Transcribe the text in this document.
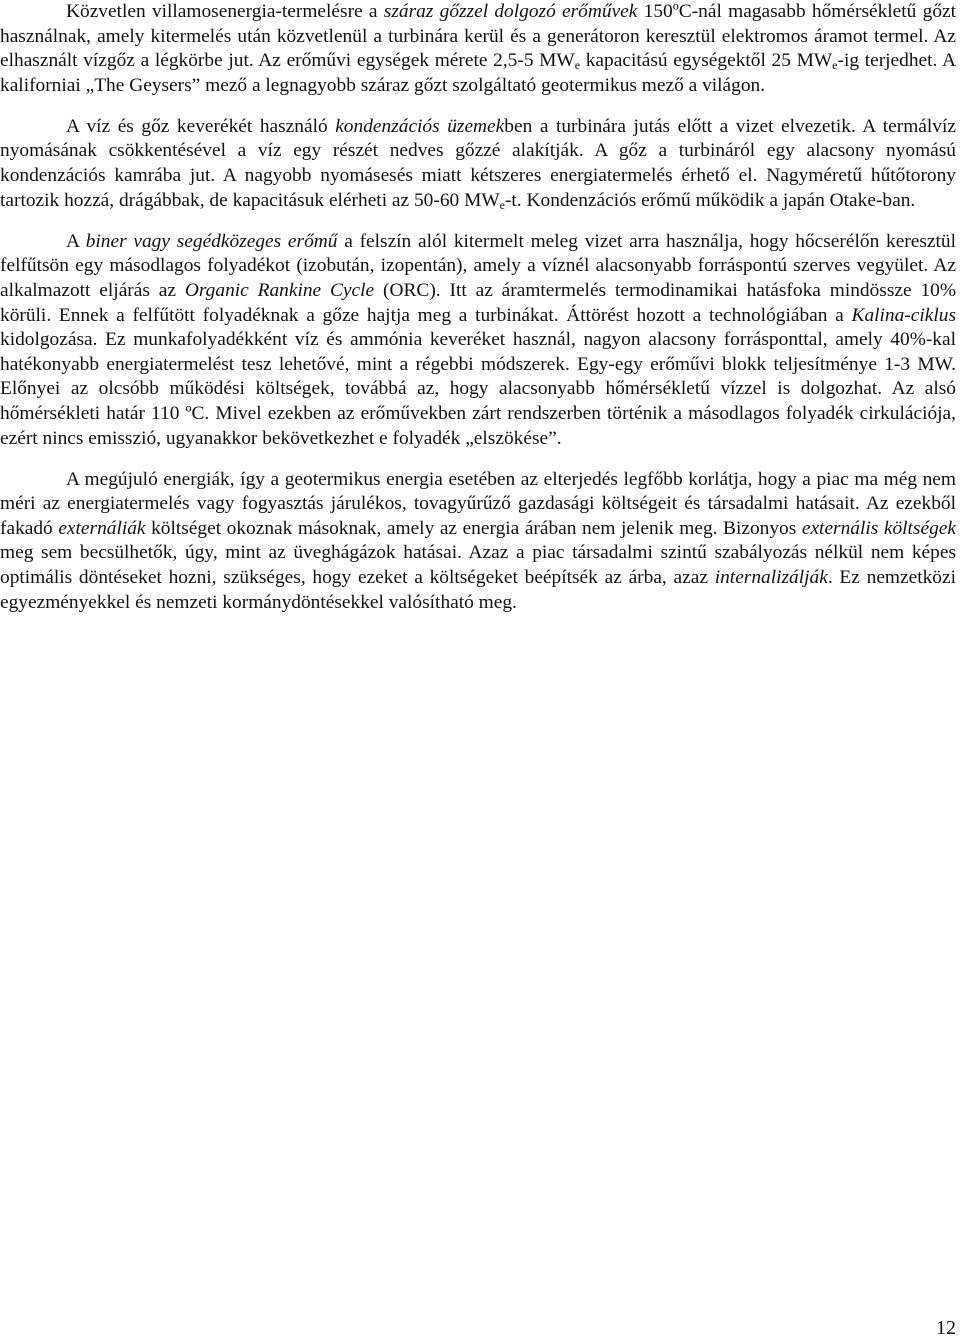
Közvetlen villamosenergia-termelésre a száraz gőzzel dolgozó erőművek 150ºC-nál magasabb hőmérsékletű gőzt használnak, amely kitermelés után közvetlenül a turbinára kerül és a generátoron keresztül elektromos áramot termel. Az elhasznált vízgőz a légkörbe jut. Az erőművi egységek mérete 2,5-5 $MW_e$ kapacitású egységektől 25 $MW_e-ig$ terjedhet. A kaliforniai „The Geysers” mező a legnagyobb száraz gőzt szolgáltató geotermikus mező a világon.

A víz és gőz keverékét használó kondenzációs üzemekben a turbinára jutás előtt a vizet elvezetik. A termálvíz nyomásának csökkentésével a víz egy részét nedves gőzzé alakítják. A gőz a turbináról egy alacsony nyomású kondenzációs kamrába jut. A nagyobb nyomásesés miatt kétszeres energiatermelés érhető el. Nagyméretű hűtőtorony tartozik hozzá, drágábbak, de kapacitásuk elérheti az 50-60 $MW_e-t$. Kondenzációs erőmű működik a japán Otake-ban.

A biner vagy segédközeges erőmű a felszín alól kitermelt meleg vizet arra használja, hogy hőcserélőn keresztül felfűtsön egy másodlagos folyadékot (izobután, izopentán), amely a víznél alacsonyabb forráspontú szerves vegyület. Az alkalmazott eljárás az Organic Rankine Cycle (ORC). Itt az áramtermelés termodinamikai hatásfoka mindössze 10% körüli. Ennek a felfűtött folyadéknak a gőze hajtja meg a turbinákat. Áttörést hozott a technológiában a Kalina-ciklus kidolgozása. Ez munkafolyadékként víz és ammónia keveréket használ, nagyon alacsony forrásponttal, amely 40%-kal hatékonyabb energiatermelést tesz lehetővé, mint a régebbi módszerek. Egy-egy erőművi blokk teljesítménye 1-3 MW. Előnyei az olcsóbb működési költségek, továbbá az, hogy alacsonyabb hőmérsékletű vízzel is dolgozhat. Az alsó hőmérsékleti határ 110 ºC. Mivel ezekben az erőművekben zárt rendszerben történik a másodlagos folyadék cirkulációja, ezért nincs emisszió, ugyanakkor bekövetkezhet e folyadék „elszökése”.

A megújuló energiák, így a geotermikus energia esetében az elterjedés legfőbb korlátja, hogy a piac ma még nem méri az energiatermelés vagy fogyasztás járulékos, tovagyűrűző gazdasági költségeit és társadalmi hatásait. Az ezekből fakadó externáliák költséget okoznak másoknak, amely az energia árában nem jelenik meg. Bizonyos externális költségek meg sem becsülhetők, úgy, mint az üveghágázok hatásai. Azaz a piac társadalmi szintű szabályozás nélkül nem képes optimális döntéseket hozni, szükséges, hogy ezeket a költségeket beépítsék az árba, azaz internalizálják. Ez nemzetközi egyezményekkel és nemzeti kormánydöntésekkel valósítható meg.

12
